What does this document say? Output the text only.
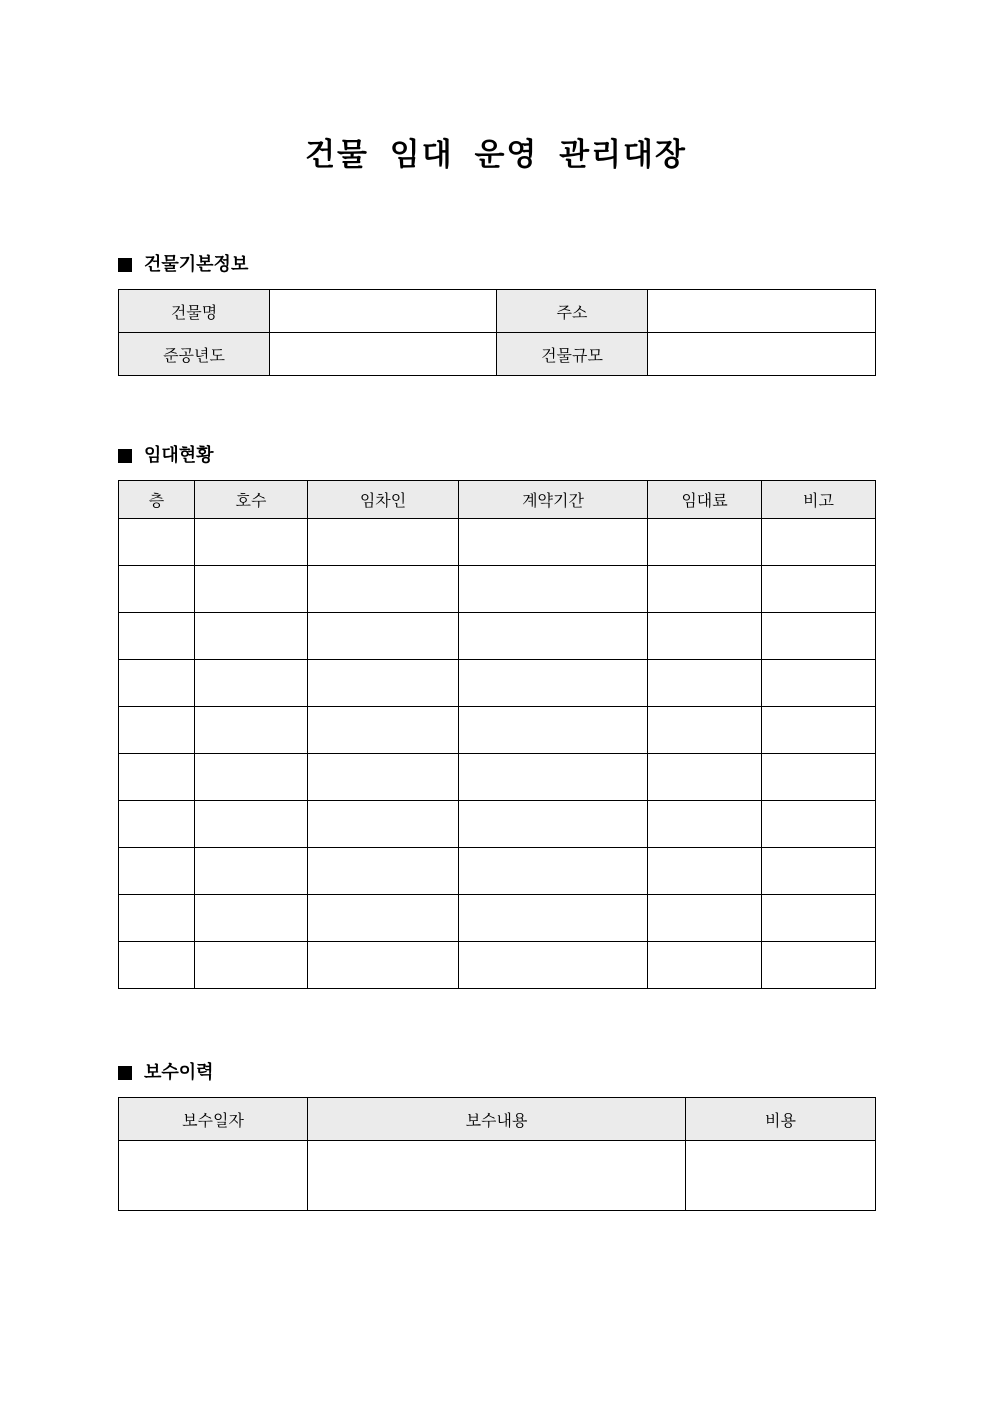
건물 임대 운영 관리대장
건물기본정보
건물명		주소	
준공년도		건물규모	
임대현황
층	호수	임차인	계약기간	임대료	비고

보수이력
보수일자	보수내용	비용
